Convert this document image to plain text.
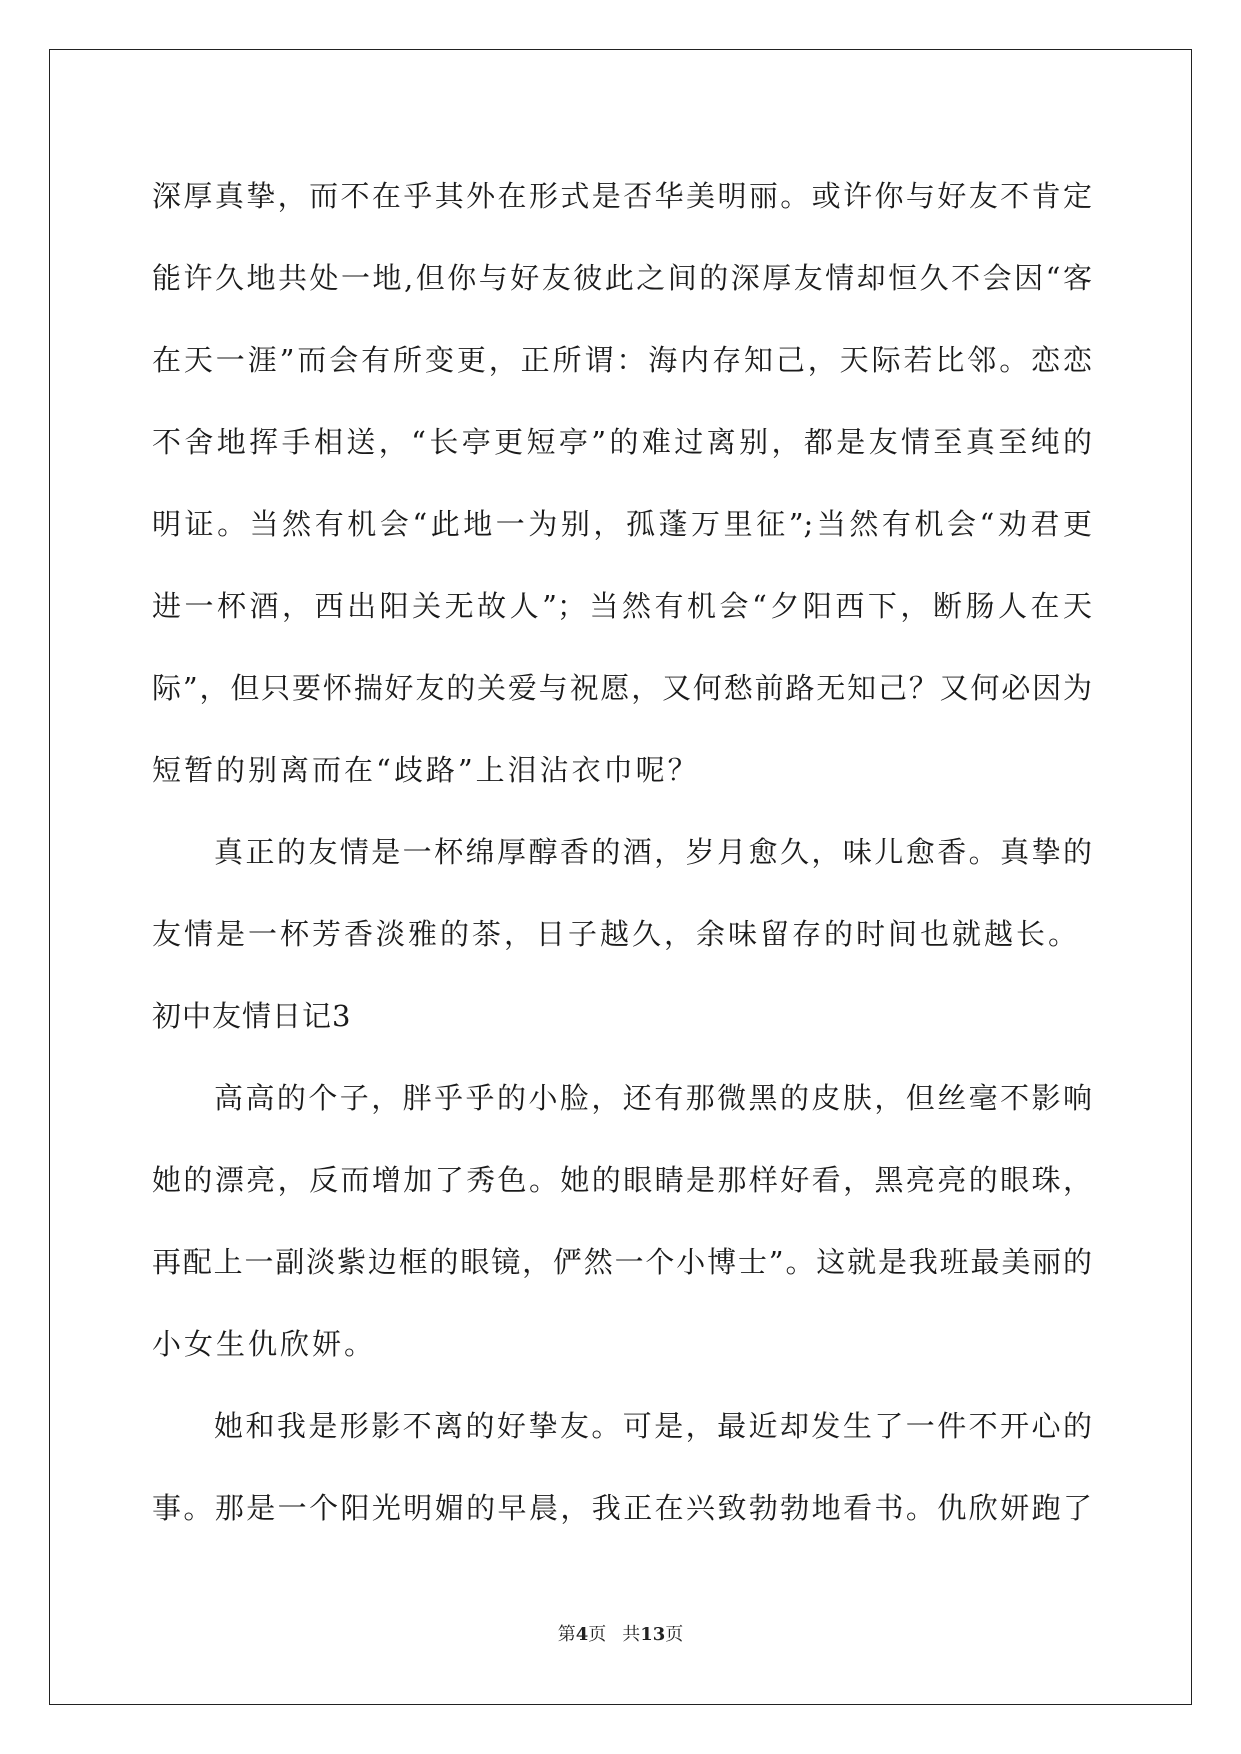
深厚真挚，而不在乎其外在形式是否华美明丽。或许你与好友不肯定
能许久地共处一地,但你与好友彼此之间的深厚友情却恒久不会因“客
在天一涯”而会有所变更，正所谓：海内存知己，天际若比邻。恋恋
不舍地挥手相送，“长亭更短亭”的难过离别，都是友情至真至纯的
明证。当然有机会“此地一为别，孤蓬万里征”;当然有机会“劝君更
进一杯酒，西出阳关无故人”；当然有机会“夕阳西下，断肠人在天
际”，但只要怀揣好友的关爱与祝愿，又何愁前路无知己？又何必因为
短暂的别离而在“歧路”上泪沾衣巾呢？
真正的友情是一杯绵厚醇香的酒，岁月愈久，味儿愈香。真挚的
友情是一杯芳香淡雅的茶，日子越久，余味留存的时间也就越长。
初中友情日记3
高高的个子，胖乎乎的小脸，还有那微黑的皮肤，但丝毫不影响
她的漂亮，反而增加了秀色。她的眼睛是那样好看，黑亮亮的眼珠，
再配上一副淡紫边框的眼镜，俨然一个小博士”。这就是我班最美丽的
小女生仇欣妍。
她和我是形影不离的好挚友。可是，最近却发生了一件不开心的
事。那是一个阳光明媚的早晨，我正在兴致勃勃地看书。仇欣妍跑了
第4页 共13页
